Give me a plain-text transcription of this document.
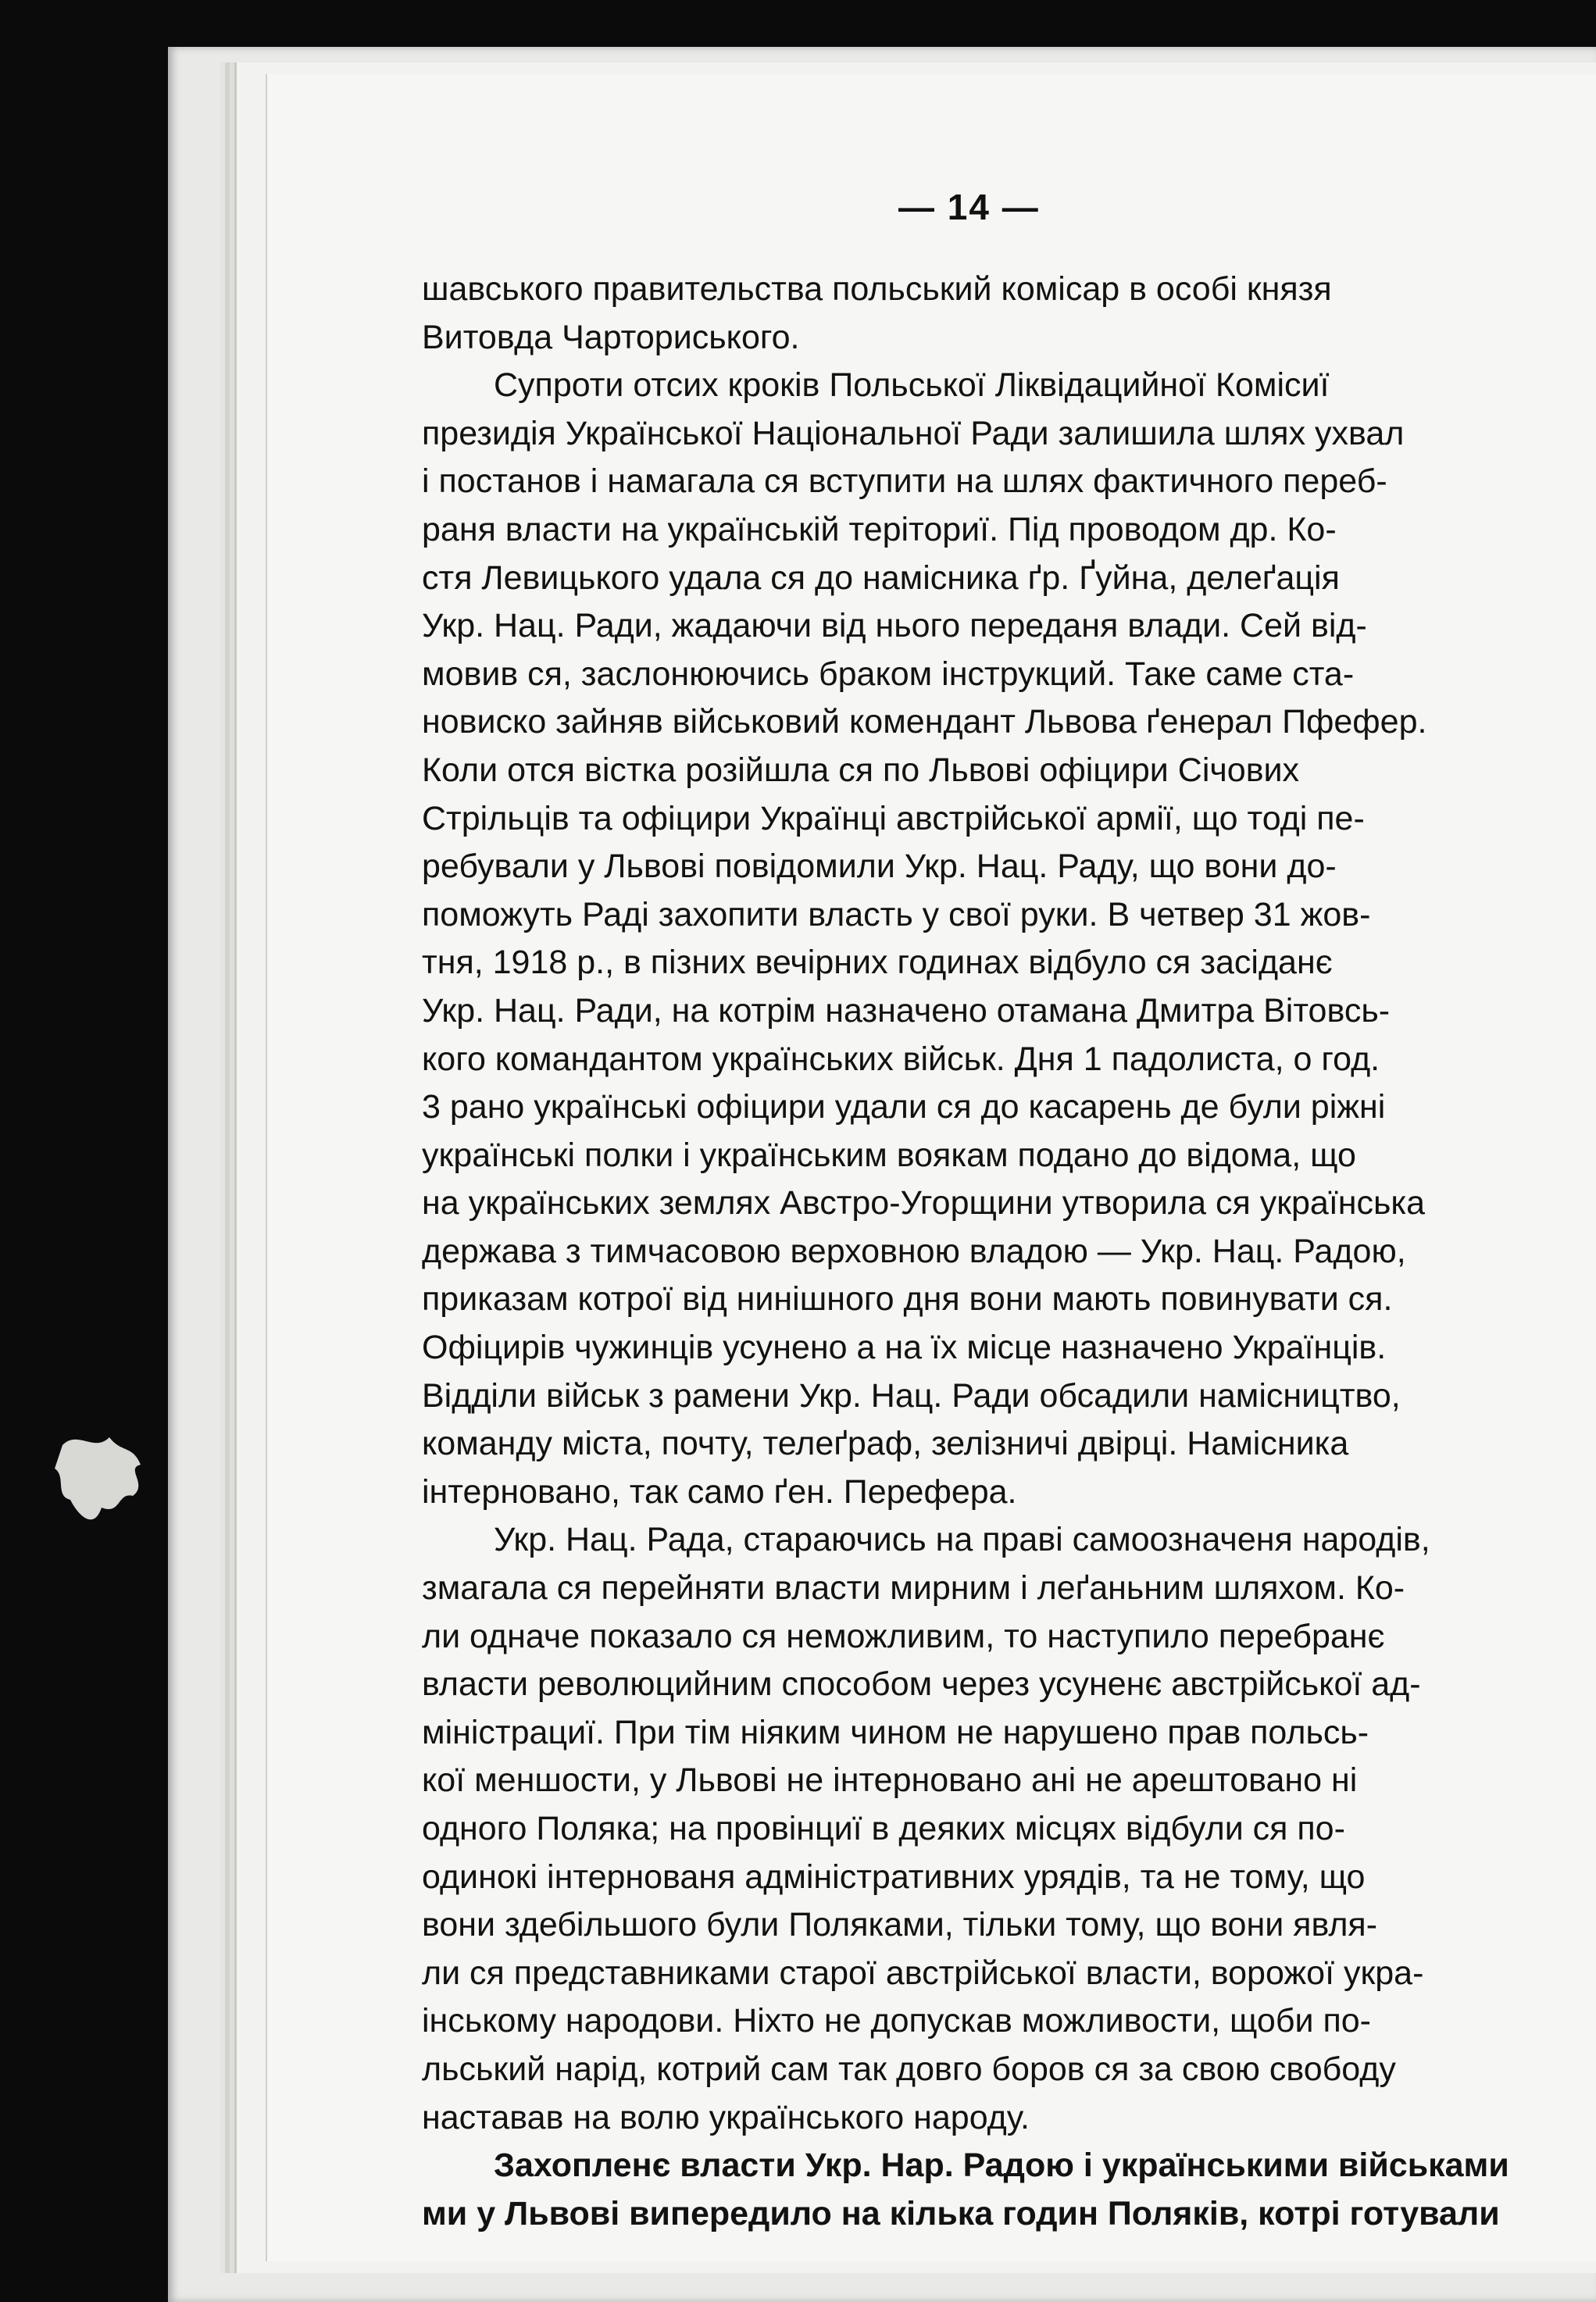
— 14 —
шавського правительства польський комісар в особі князя
Витовда Чарториського.
Супроти отсих кроків Польської Ліквідацийної Комісиї
президія Української Національної Ради залишила шлях ухвал
і постанов і намагала ся вступити на шлях фактичного переб-
раня власти на українській теріториї. Під проводом др. Ко-
стя Левицького удала ся до намісника ґр. Ґуйна, делеґація
Укр. Нац. Ради, жадаючи від нього переданя влади. Сей від-
мовив ся, заслонюючись браком інструкций. Таке саме ста-
новиско зайняв військовий комендант Львова ґенерал Пфефер.
Коли отся вістка розійшла ся по Львові офіцири Січових
Стрільців та офіцири Українці австрійської армії, що тоді пе-
ребували у Львові повідомили Укр. Нац. Раду, що вони до-
поможуть Раді захопити власть у свої руки. В четвер 31 жов-
тня, 1918 р., в пізних вечірних годинах відбуло ся засіданє
Укр. Нац. Ради, на котрім назначено отамана Дмитра Вітовсь-
кого командантом українських військ. Дня 1 падолиста, о год.
3 рано українські офіцири удали ся до касарень де були ріжні
українські полки і українським воякам подано до відома, що
на українських землях Австро-Угорщини утворила ся українська
держава з тимчасовою верховною владою — Укр. Нац. Радою,
приказам котрої від нинішного дня вони мають повинувати ся.
Офіцирів чужинців усунено а на їх місце назначено Українців.
Відділи військ з рамени Укр. Нац. Ради обсадили намісництво,
команду міста, почту, телеґраф, зелізничі двірці. Намісника
інтерновано, так само ґен. Перефера.
Укр. Нац. Рада, стараючись на праві самоозначеня народів,
змагала ся перейняти власти мирним і леґаньним шляхом. Ко-
ли одначе показало ся неможливим, то наступило перебранє
власти революцийним способом через усуненє австрійської ад-
міністрациї. При тім ніяким чином не нарушено прав польсь-
кої меншости, у Львові не інтерновано ані не арештовано ні
одного Поляка; на провінциї в деяких місцях відбули ся по-
одинокі інтернованя адміністративних урядів, та не тому, що
вони здебільшого були Поляками, тільки тому, що вони явля-
ли ся представниками старої австрійської власти, ворожої укра-
інському народови. Ніхто не допускав можливости, щоби по-
льський нарід, котрий сам так довго боров ся за свою свободу
наставав на волю українського народу.
Захопленє власти Укр. Нар. Радою і українськими військами
ми у Львові випередило на кілька годин Поляків, котрі готували
